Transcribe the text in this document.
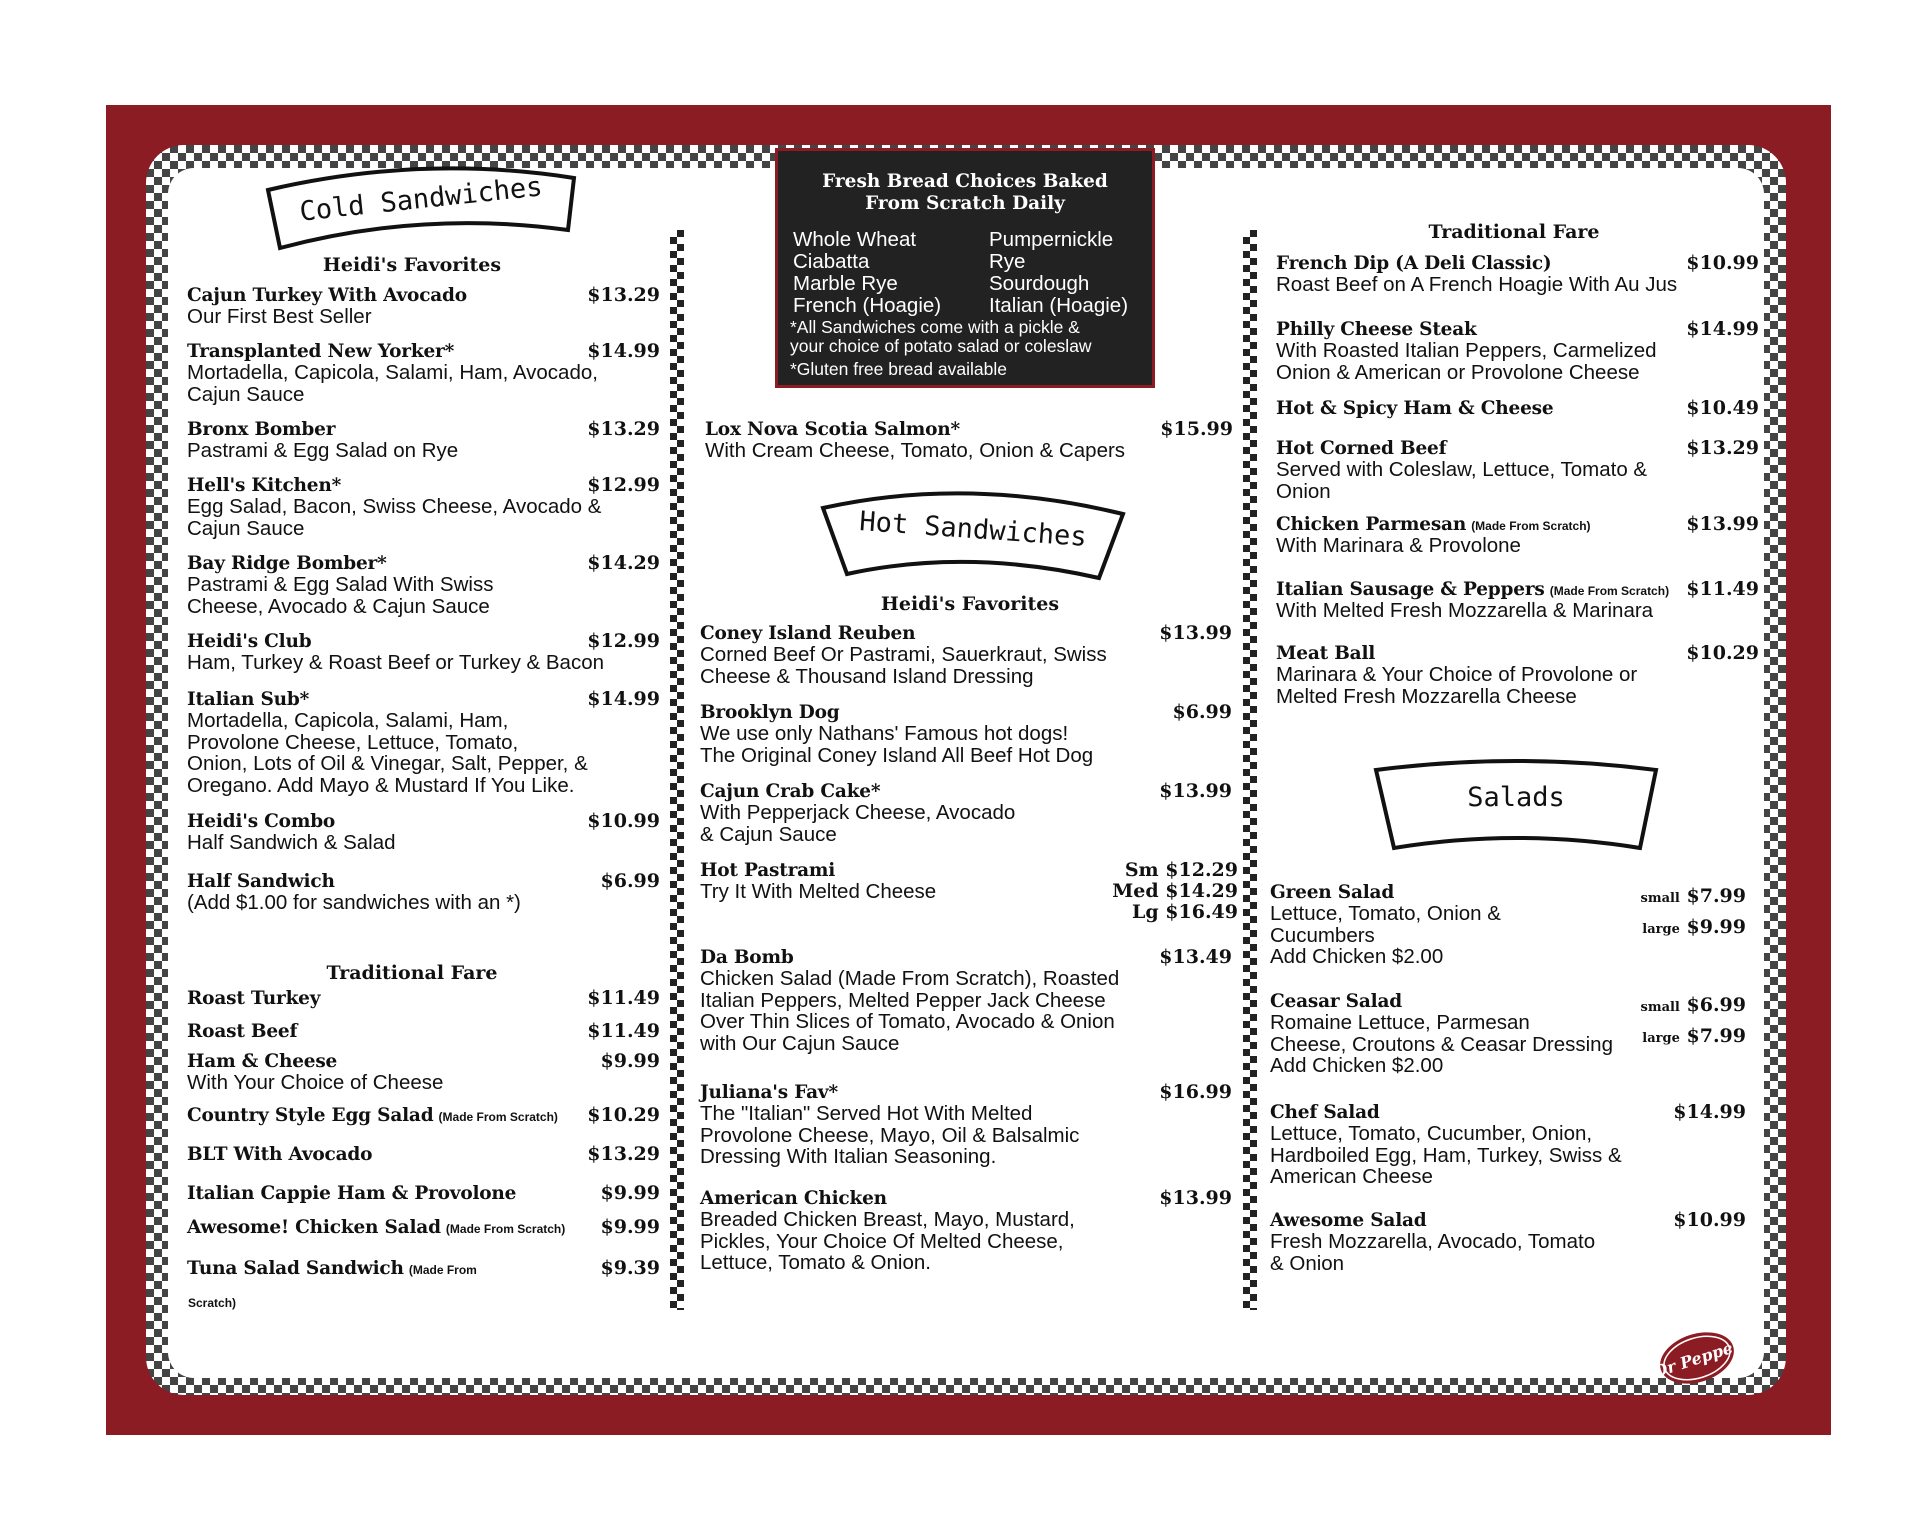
Cold Sandwiches
Heidi's Favorites
Cajun Turkey With Avocado	$13.29
Our First Best Seller
Transplanted New Yorker*	$14.99
Mortadella, Capicola, Salami, Ham, Avocado,
Cajun Sauce
Bronx Bomber	$13.29
Pastrami & Egg Salad on Rye
Hell's Kitchen*	$12.99
Egg Salad, Bacon, Swiss Cheese, Avocado &
Cajun Sauce
Bay Ridge Bomber*	$14.29
Pastrami & Egg Salad With Swiss
Cheese, Avocado & Cajun Sauce
Heidi's Club	$12.99
Ham, Turkey & Roast Beef or Turkey & Bacon
Italian Sub*	$14.99
Mortadella, Capicola, Salami, Ham,
Provolone Cheese, Lettuce, Tomato,
Onion, Lots of Oil & Vinegar, Salt, Pepper, &
Oregano. Add Mayo & Mustard If You Like.
Heidi's Combo	$10.99
Half Sandwich & Salad
Half Sandwich	$6.99
(Add $1.00 for sandwiches with an *)
Traditional Fare
Roast Turkey	$11.49
Roast Beef	$11.49
Ham & Cheese	$9.99
With Your Choice of Cheese
Country Style Egg Salad (Made From Scratch) $10.29
BLT With Avocado	$13.29
Italian Cappie Ham & Provolone	$9.99
Awesome! Chicken Salad (Made From Scratch) $9.99
Tuna Salad Sandwich (Made From	$9.39
Scratch)
Fresh Bread Choices Baked
From Scratch Daily
Whole Wheat
Ciabatta
Marble Rye
French (Hoagie)
Pumpernickle
Rye
Sourdough
Italian (Hoagie)
*All Sandwiches come with a pickle &
your choice of potato salad or coleslaw
*Gluten free bread available
Lox Nova Scotia Salmon*	$15.99
With Cream Cheese, Tomato, Onion & Capers
Hot Sandwiches
Heidi's Favorites
Coney Island Reuben	$13.99
Corned Beef Or Pastrami, Sauerkraut, Swiss
Cheese & Thousand Island Dressing
Brooklyn Dog	$6.99
We use only Nathans' Famous hot dogs!
The Original Coney Island All Beef Hot Dog
Cajun Crab Cake*	$13.99
With Pepperjack Cheese, Avocado
& Cajun Sauce
Hot Pastrami
Try It With Melted Cheese
Sm $12.29
Med $14.29
Lg $16.49
Da Bomb	$13.49
Chicken Salad (Made From Scratch), Roasted
Italian Peppers, Melted Pepper Jack Cheese
Over Thin Slices of Tomato, Avocado & Onion
with Our Cajun Sauce
Juliana's Fav*	$16.99
The "Italian" Served Hot With Melted
Provolone Cheese, Mayo, Oil & Balsalmic
Dressing With Italian Seasoning.
American Chicken	$13.99
Breaded Chicken Breast, Mayo, Mustard,
Pickles, Your Choice Of Melted Cheese,
Lettuce, Tomato & Onion.
Traditional Fare
French Dip (A Deli Classic)	$10.99
Roast Beef on A French Hoagie With Au Jus
Philly Cheese Steak	$14.99
With Roasted Italian Peppers, Carmelized
Onion & American or Provolone Cheese
Hot & Spicy Ham & Cheese	$10.49
Hot Corned Beef	$13.29
Served with Coleslaw, Lettuce, Tomato &
Onion
Chicken Parmesan (Made From Scratch)	$13.99
With Marinara & Provolone
Italian Sausage & Peppers (Made From Scratch) $11.49
With Melted Fresh Mozzarella & Marinara
Meat Ball	$10.29
Marinara & Your Choice of Provolone or
Melted Fresh Mozzarella Cheese
Salads
Green Salad
Lettuce, Tomato, Onion &
Cucumbers
Add Chicken $2.00
small $7.99
large $9.99
Ceasar Salad
Romaine Lettuce, Parmesan
Cheese, Croutons & Ceasar Dressing
Add Chicken $2.00
small $6.99
large $7.99
Chef Salad	$14.99
Lettuce, Tomato, Cucumber, Onion,
Hardboiled Egg, Ham, Turkey, Swiss &
American Cheese
Awesome Salad	$10.99
Fresh Mozzarella, Avocado, Tomato
& Onion
Dr Pepper
